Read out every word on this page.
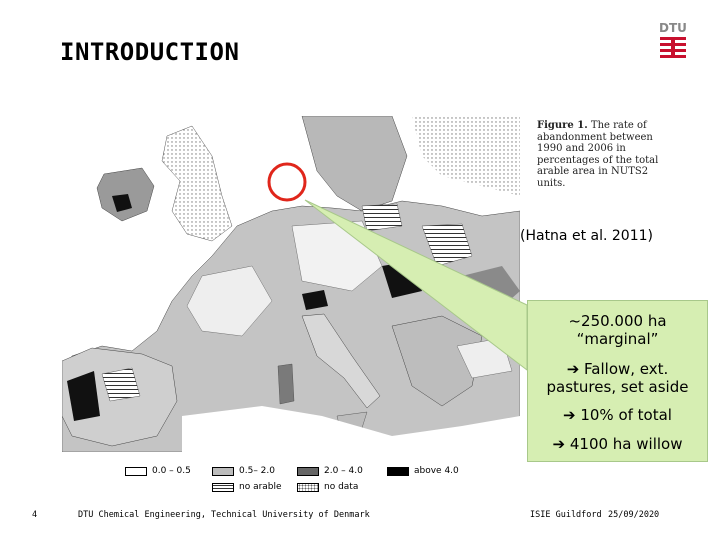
INTRODUCTION
DTU
Figure 1. The rate of abandonment between 1990 and 2006 in percentages of the total arable area in NUTS2 units.
(Hatna et al. 2011)
~250.000 ha
“marginal”
➔ Fallow, ext.
pastures, set aside
➔ 10% of total
➔ 4100 ha willow
0.0 – 0.5	0.5– 2.0	2.0 – 4.0	above 4.0
no arable	no data
4	DTU Chemical Engineering, Technical University of Denmark	ISIE Guildford 25/09/2020
